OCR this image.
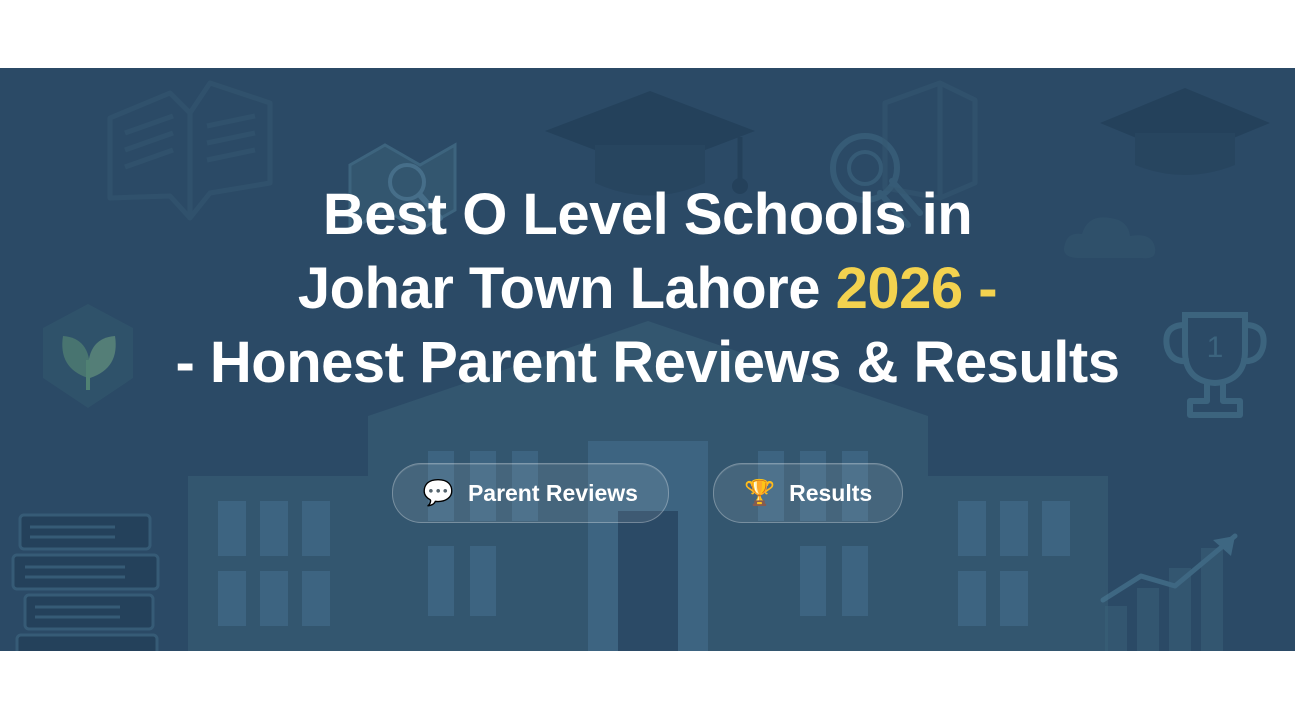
1
Best O Level Schools in
Johar Town Lahore 2026 -
- Honest Parent Reviews & Results
💬 Parent Reviews	🏆 Results
